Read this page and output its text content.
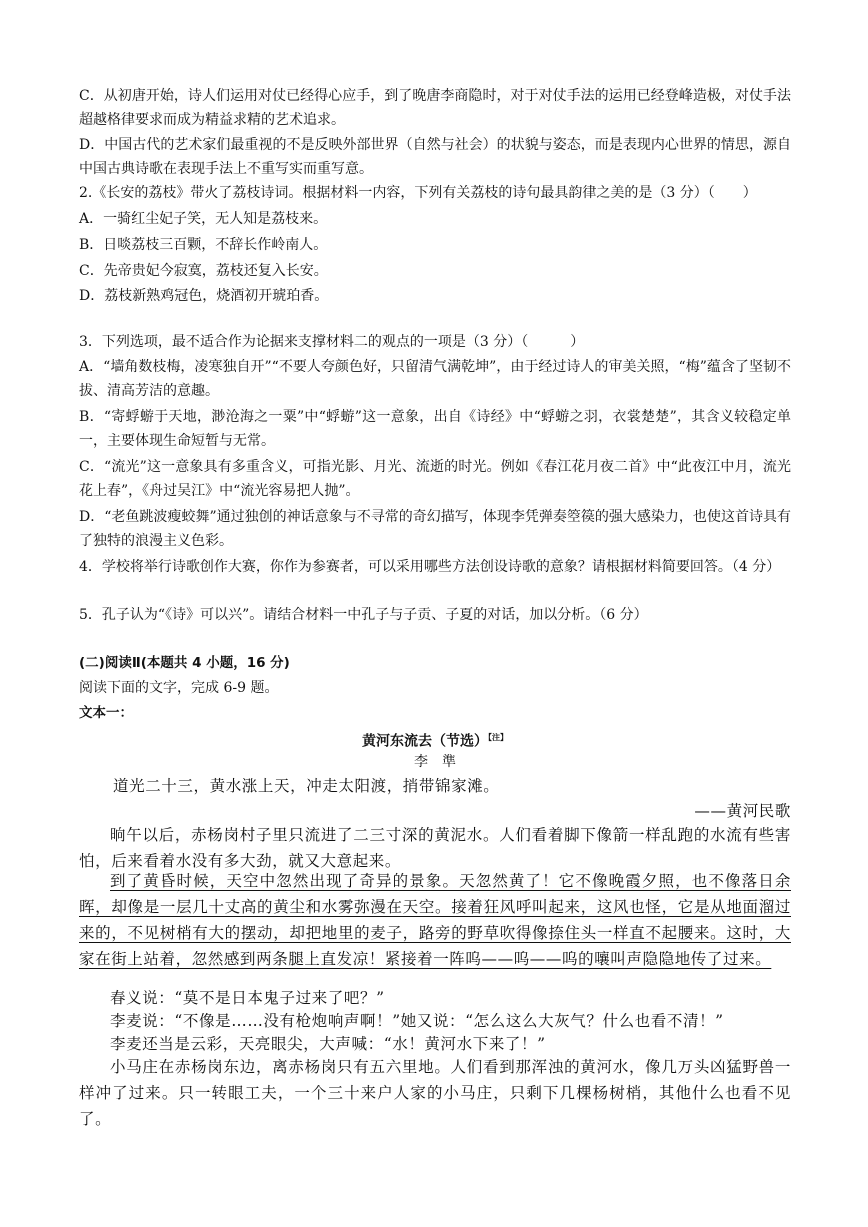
C．从初唐开始，诗人们运用对仗已经得心应手，到了晚唐李商隐时，对于对仗手法的运用已经登峰造极，对仗手法超越格律要求而成为精益求精的艺术追求。

D．中国古代的艺术家们最重视的不是反映外部世界（自然与社会）的状貌与姿态，而是表现内心世界的情思，源自中国古典诗歌在表现手法上不重写实而重写意。

2.《长安的荔枝》带火了荔枝诗词。根据材料一内容，下列有关荔枝的诗句最具韵律之美的是（3 分）（　　）

A．一骑红尘妃子笑，无人知是荔枝来。

B．日啖荔枝三百颗，不辞长作岭南人。

C．先帝贵妃今寂寞，荔枝还复入长安。

D．荔枝新熟鸡冠色，烧酒初开琥珀香。

3．下列选项，最不适合作为论据来支撑材料二的观点的一项是（3 分）（　　　）

A．“墙角数枝梅，凌寒独自开”“不要人夸颜色好，只留清气满乾坤”，由于经过诗人的审美关照，“梅”蕴含了坚韧不拔、清高芳洁的意趣。

B．“寄蜉蝣于天地，渺沧海之一粟”中“蜉蝣”这一意象，出自《诗经》中“蜉蝣之羽，衣裳楚楚”，其含义较稳定单一，主要体现生命短暂与无常。

C．“流光”这一意象具有多重含义，可指光影、月光、流逝的时光。例如《春江花月夜二首》中“此夜江中月，流光花上春”，《舟过吴江》中“流光容易把人抛”。

D．“老鱼跳波瘦蛟舞”通过独创的神话意象与不寻常的奇幻描写，体现李凭弹奏箜篌的强大感染力，也使这首诗具有了独特的浪漫主义色彩。

4．学校将举行诗歌创作大赛，你作为参赛者，可以采用哪些方法创设诗歌的意象？请根据材料简要回答。（4 分）

5．孔子认为“《诗》可以兴”。请结合材料一中孔子与子贡、子夏的对话，加以分析。（6 分）

(二)阅读Ⅱ(本题共 4 小题，16 分)

阅读下面的文字，完成 6-9 题。

文本一：

黄河东流去（节选）$^{【注】}$

李　準

道光二十三，黄水涨上天，冲走太阳渡，捎带锦家滩。

——黄河民歌

晌午以后，赤杨岗村子里只流进了二三寸深的黄泥水。人们看着脚下像箭一样乱跑的水流有些害怕，后来看着水没有多大劲，就又大意起来。

到了黄昏时候，天空中忽然出现了奇异的景象。天忽然黄了！它不像晚霞夕照，也不像落日余晖，却像是一层几十丈高的黄尘和水雾弥漫在天空。接着狂风呼叫起来，这风也怪，它是从地面溜过来的，不见树梢有大的摆动，却把地里的麦子，路旁的野草吹得像捺住头一样直不起腰来。这时，大家在街上站着，忽然感到两条腿上直发凉！紧接着一阵呜——呜——呜的嚷叫声隐隐地传了过来。

春义说：“莫不是日本鬼子过来了吧？”

李麦说：“不像是……没有枪炮响声啊！”她又说：“怎么这么大灰气？什么也看不清！”

李麦还当是云彩，天亮眼尖，大声喊：“水！黄河水下来了！”

小马庄在赤杨岗东边，离赤杨岗只有五六里地。人们看到那浑浊的黄河水，像几万头凶猛野兽一样冲了过来。只一转眼工夫，一个三十来户人家的小马庄，只剩下几棵杨树梢，其他什么也看不见了。
